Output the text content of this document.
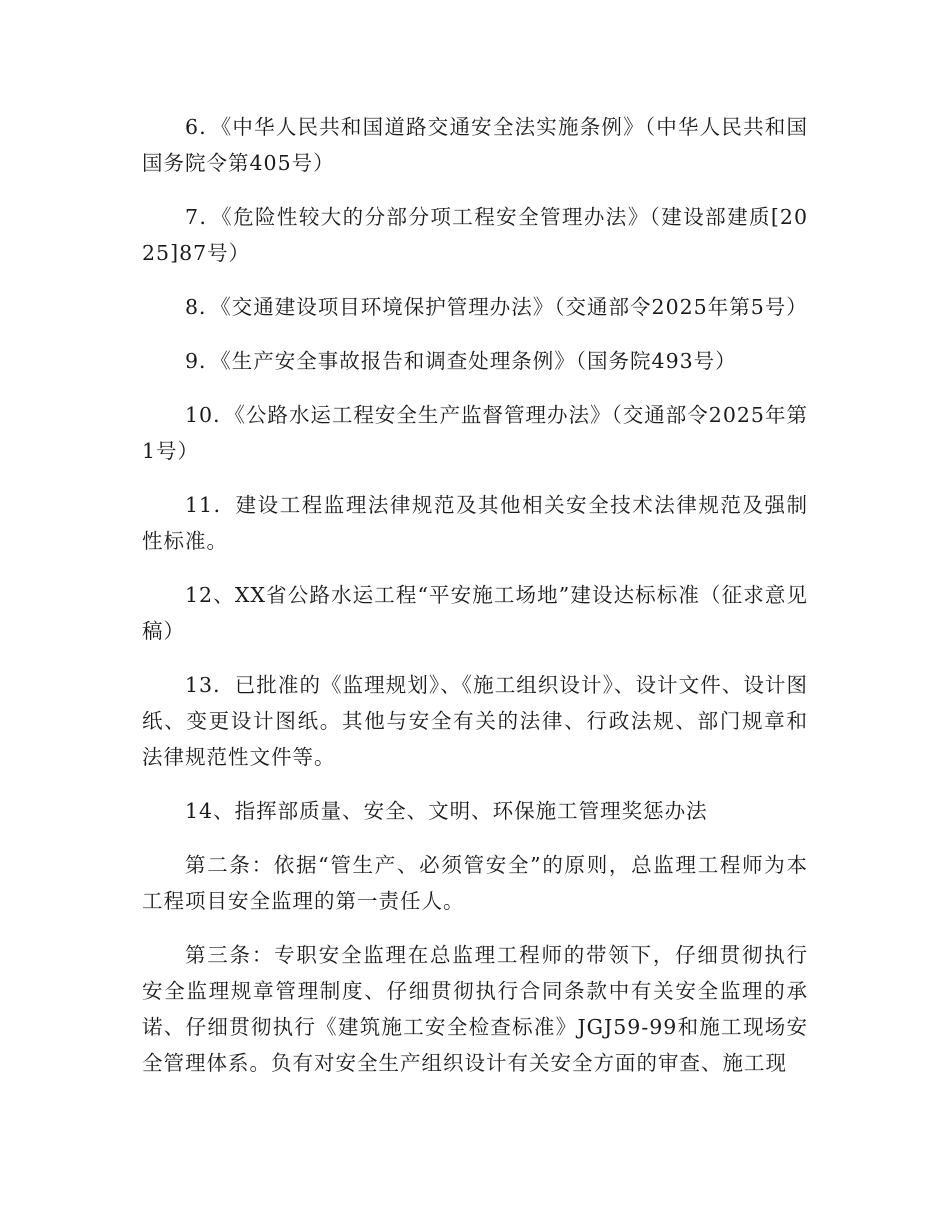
6．《中华人民共和国道路交通安全法实施条例》（中华人民共和国国务院令第405号）

7．《危险性较大的分部分项工程安全管理办法》（建设部建质[2025]87号）

8．《交通建设项目环境保护管理办法》（交通部令2025年第5号）

9．《生产安全事故报告和调查处理条例》（国务院493号）

10．《公路水运工程安全生产监督管理办法》（交通部令2025年第1号）

11．建设工程监理法律规范及其他相关安全技术法律规范及强制性标准。

12、XX省公路水运工程“平安施工场地”建设达标标准（征求意见稿）

13．已批准的《监理规划》、《施工组织设计》、设计文件、设计图纸、变更设计图纸。其他与安全有关的法律、行政法规、部门规章和法律规范性文件等。

14、指挥部质量、安全、文明、环保施工管理奖惩办法

第二条：依据“管生产、必须管安全”的原则，总监理工程师为本工程项目安全监理的第一责任人。

第三条：专职安全监理在总监理工程师的带领下，仔细贯彻执行安全监理规章管理制度、仔细贯彻执行合同条款中有关安全监理的承诺、仔细贯彻执行《建筑施工安全检查标准》JGJ59-99和施工现场安全管理体系。负有对安全生产组织设计有关安全方面的审查、施工现
